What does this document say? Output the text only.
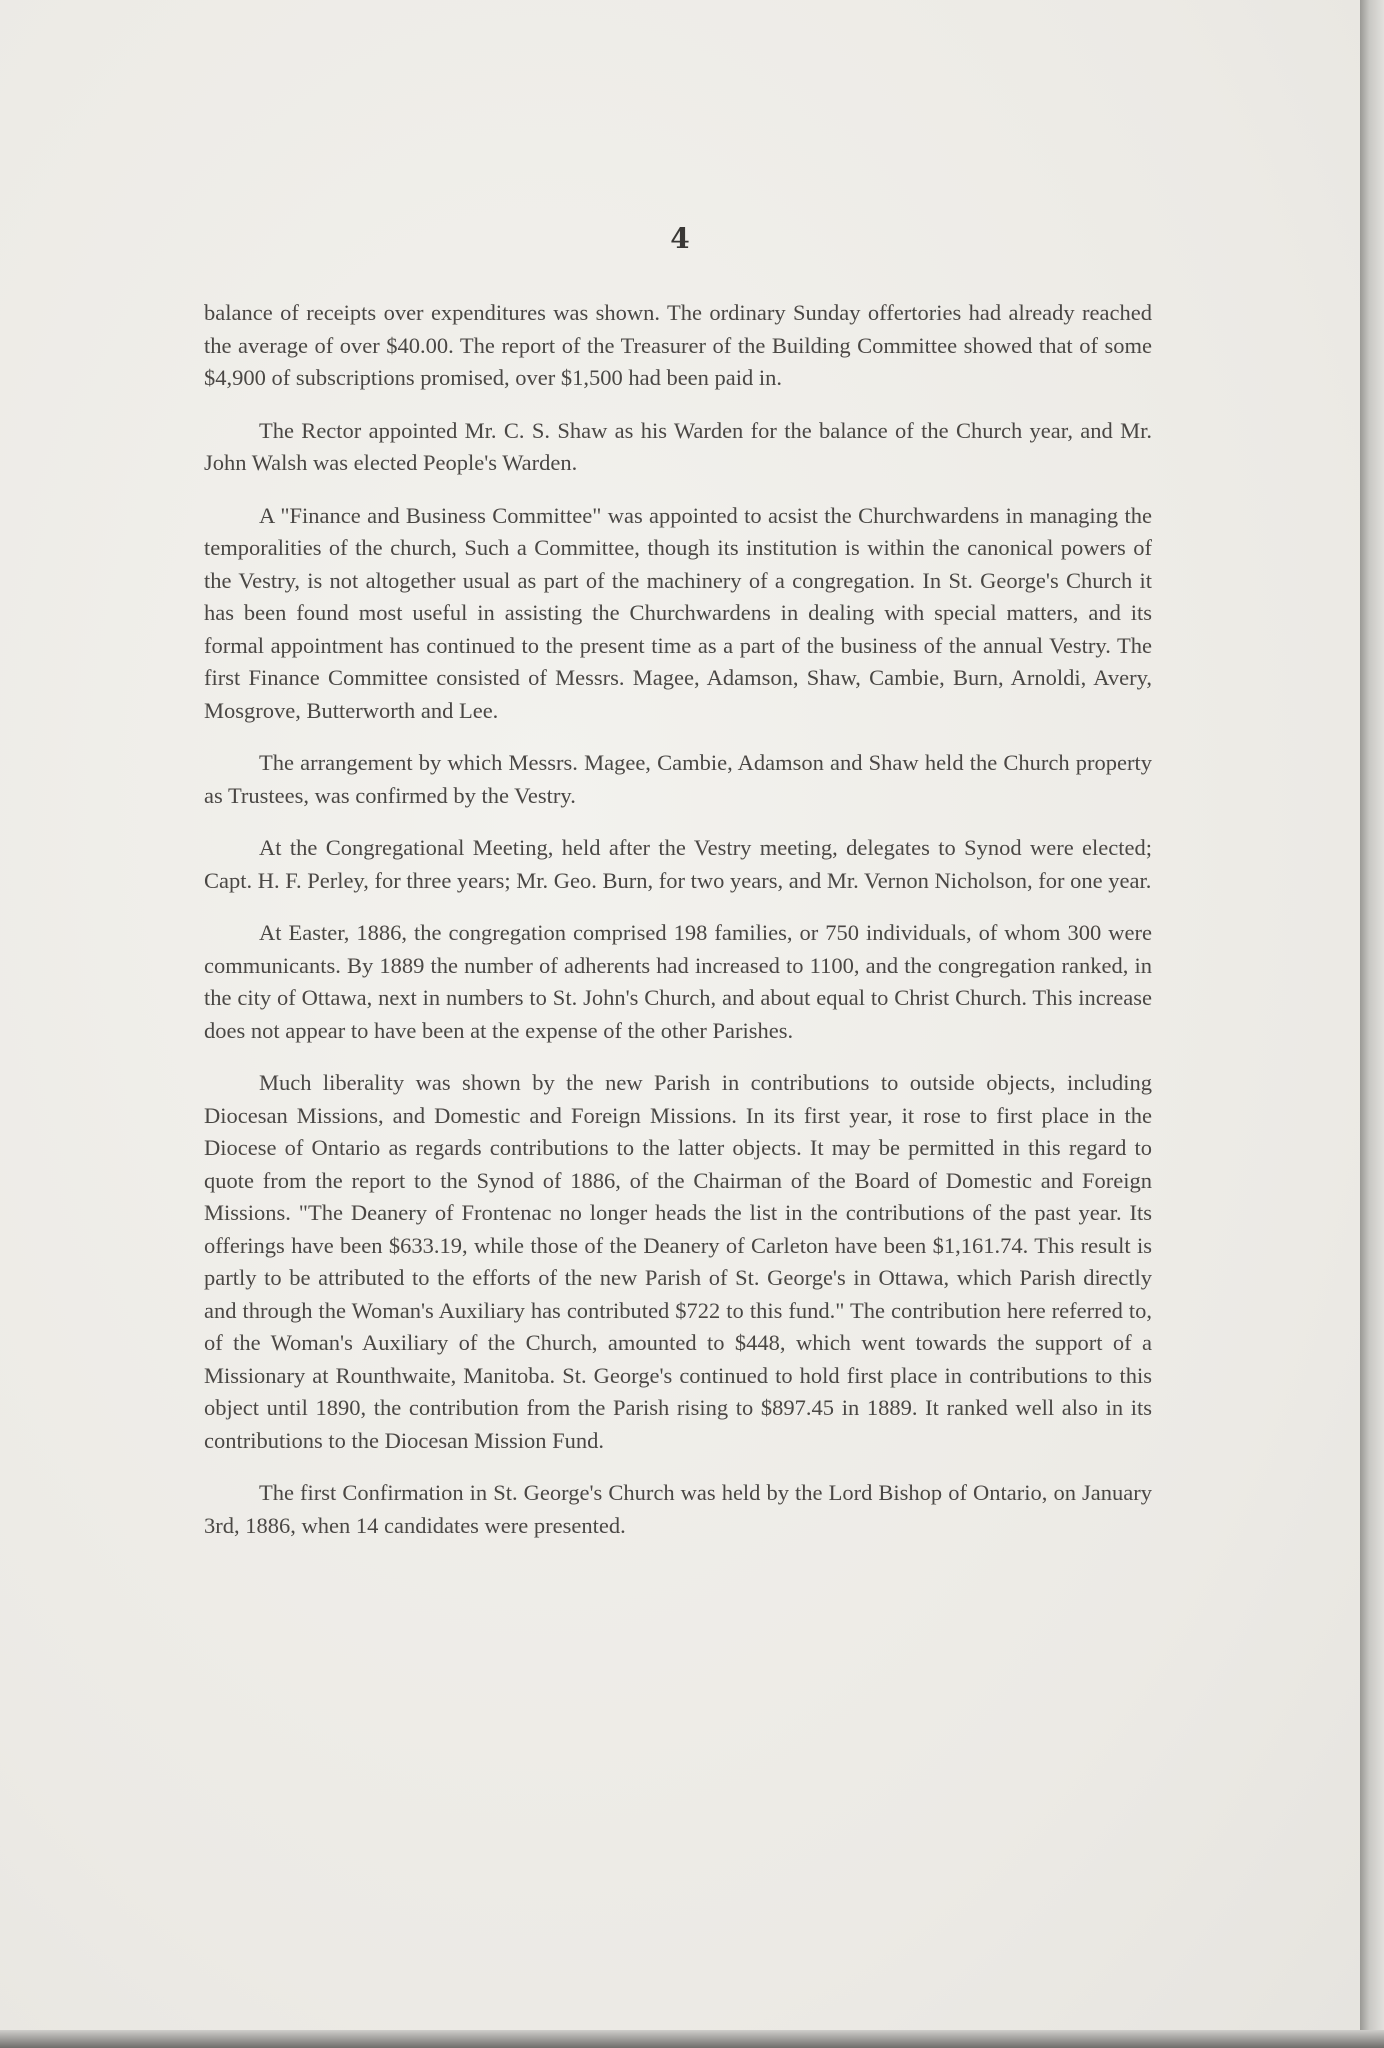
4

balance of receipts over expenditures was shown. The ordinary Sunday offertories had already reached the average of over $40.00. The report of the Treasurer of the Building Committee showed that of some $4,900 of subscriptions promised, over $1,500 had been paid in.

The Rector appointed Mr. C. S. Shaw as his Warden for the balance of the Church year, and Mr. John Walsh was elected People's Warden.

A "Finance and Business Committee" was appointed to acsist the Churchwardens in managing the temporalities of the church, Such a Committee, though its institution is within the canonical powers of the Vestry, is not altogether usual as part of the machinery of a congregation. In St. George's Church it has been found most useful in assisting the Churchwardens in dealing with special matters, and its formal appointment has continued to the present time as a part of the business of the annual Vestry. The first Finance Committee consisted of Messrs. Magee, Adamson, Shaw, Cambie, Burn, Arnoldi, Avery, Mosgrove, Butterworth and Lee.

The arrangement by which Messrs. Magee, Cambie, Adamson and Shaw held the Church property as Trustees, was confirmed by the Vestry.

At the Congregational Meeting, held after the Vestry meeting, delegates to Synod were elected; Capt. H. F. Perley, for three years; Mr. Geo. Burn, for two years, and Mr. Vernon Nicholson, for one year.

At Easter, 1886, the congregation comprised 198 families, or 750 individuals, of whom 300 were communicants. By 1889 the number of adherents had increased to 1100, and the congregation ranked, in the city of Ottawa, next in numbers to St. John's Church, and about equal to Christ Church. This increase does not appear to have been at the expense of the other Parishes.

Much liberality was shown by the new Parish in contributions to outside objects, including Diocesan Missions, and Domestic and Foreign Missions. In its first year, it rose to first place in the Diocese of Ontario as regards contributions to the latter objects. It may be permitted in this regard to quote from the report to the Synod of 1886, of the Chairman of the Board of Domestic and Foreign Missions. "The Deanery of Frontenac no longer heads the list in the contributions of the past year. Its offerings have been $633.19, while those of the Deanery of Carleton have been $1,161.74. This result is partly to be attributed to the efforts of the new Parish of St. George's in Ottawa, which Parish directly and through the Woman's Auxiliary has contributed $722 to this fund." The contribution here referred to, of the Woman's Auxiliary of the Church, amounted to $448, which went towards the support of a Missionary at Rounthwaite, Manitoba. St. George's continued to hold first place in contributions to this object until 1890, the contribution from the Parish rising to $897.45 in 1889. It ranked well also in its contributions to the Diocesan Mission Fund.

The first Confirmation in St. George's Church was held by the Lord Bishop of Ontario, on January 3rd, 1886, when 14 candidates were presented.
